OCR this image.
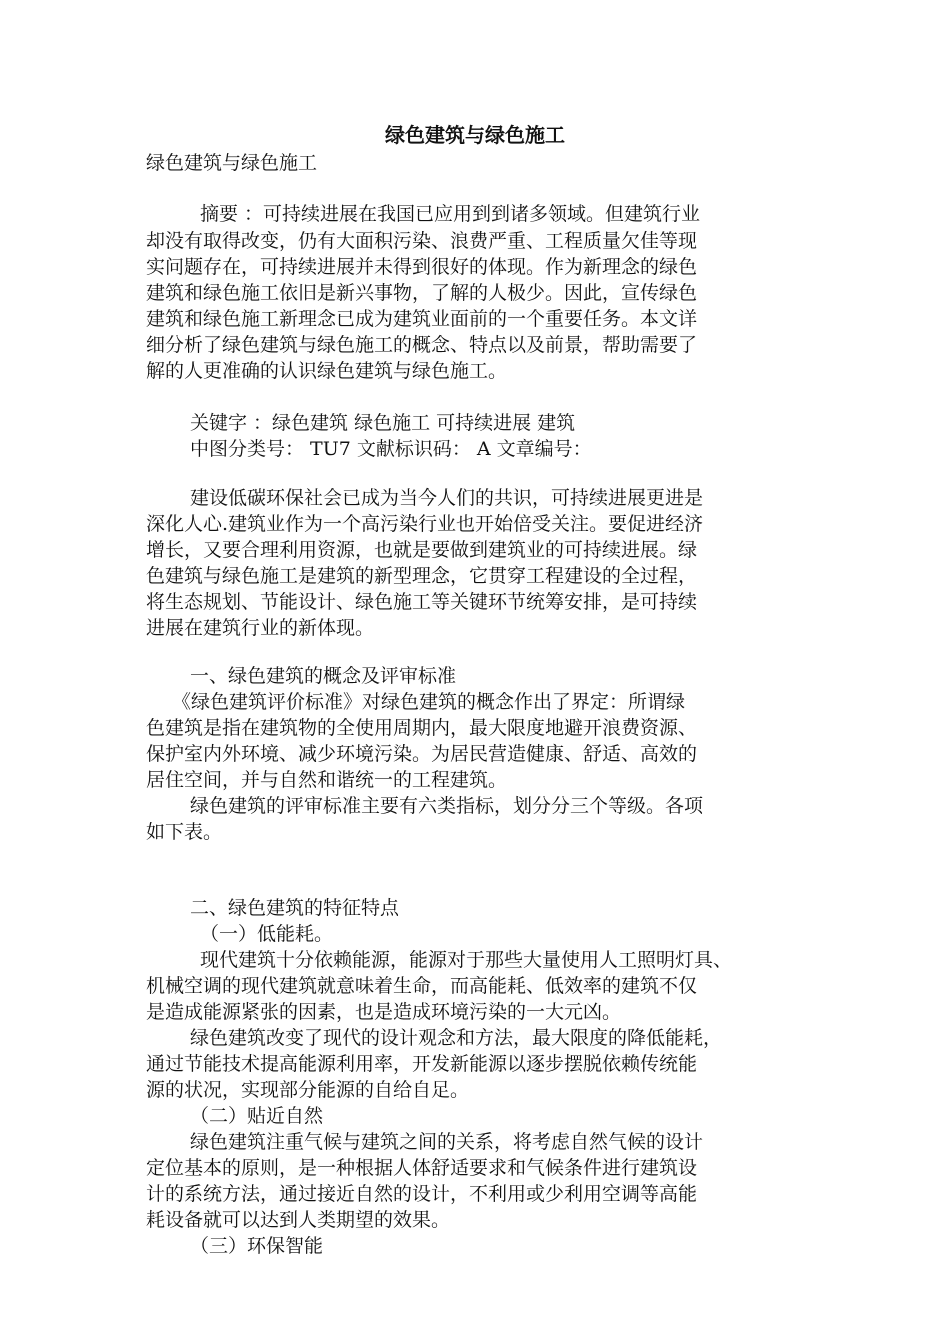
绿色建筑与绿色施工
绿色建筑与绿色施工
摘要 ：可持续进展在我国已应用到到诸多领域。但建筑行业
却没有取得改变，仍有大面积污染、浪费严重、工程质量欠佳等现
实问题存在，可持续进展并未得到很好的体现。作为新理念的绿色
建筑和绿色施工依旧是新兴事物，了解的人极少。因此，宣传绿色
建筑和绿色施工新理念已成为建筑业面前的一个重要任务。本文详
细分析了绿色建筑与绿色施工的概念、特点以及前景，帮助需要了
解的人更准确的认识绿色建筑与绿色施工。
关键字 ：绿色建筑 绿色施工 可持续进展 建筑
中图分类号： TU7 文献标识码： A 文章编号：
建设低碳环保社会已成为当今人们的共识，可持续进展更进是
深化人心.建筑业作为一个高污染行业也开始倍受关注。要促进经济
增长，又要合理利用资源，也就是要做到建筑业的可持续进展。绿
色建筑与绿色施工是建筑的新型理念，它贯穿工程建设的全过程，
将生态规划、节能设计、绿色施工等关键环节统筹安排，是可持续
进展在建筑行业的新体现。
一、绿色建筑的概念及评审标准
《绿色建筑评价标准》对绿色建筑的概念作出了界定：所谓绿
色建筑是指在建筑物的全使用周期内，最大限度地避开浪费资源、
保护室内外环境、减少环境污染。为居民营造健康、舒适、高效的
居住空间，并与自然和谐统一的工程建筑。
绿色建筑的评审标准主要有六类指标，划分分三个等级。各项
如下表。
二、绿色建筑的特征特点
（一）低能耗。
现代建筑十分依赖能源，能源对于那些大量使用人工照明灯具、
机械空调的现代建筑就意味着生命，而高能耗、低效率的建筑不仅
是造成能源紧张的因素，也是造成环境污染的一大元凶。
绿色建筑改变了现代的设计观念和方法，最大限度的降低能耗，
通过节能技术提高能源利用率，开发新能源以逐步摆脱依赖传统能
源的状况，实现部分能源的自给自足。
（二）贴近自然
绿色建筑注重气候与建筑之间的关系，将考虑自然气候的设计
定位基本的原则，是一种根据人体舒适要求和气候条件进行建筑设
计的系统方法，通过接近自然的设计，不利用或少利用空调等高能
耗设备就可以达到人类期望的效果。
（三）环保智能
